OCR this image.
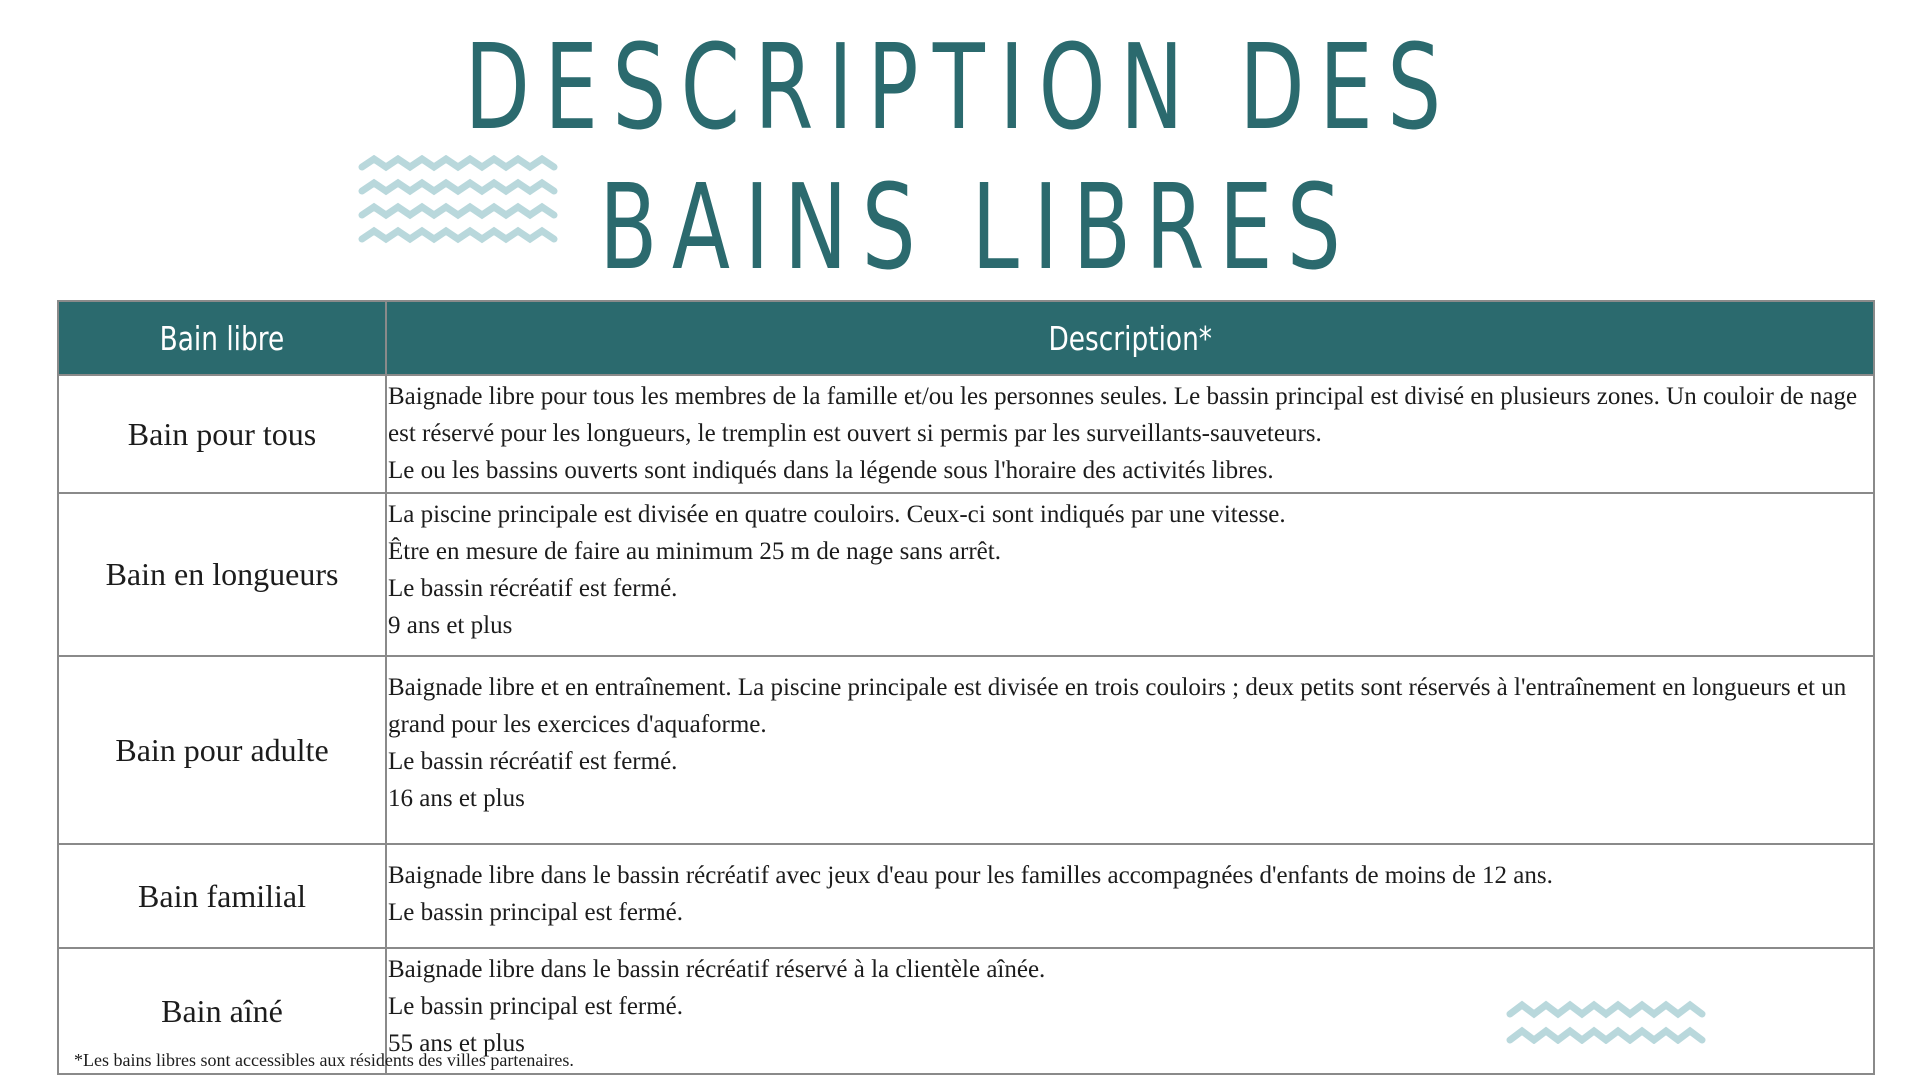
DESCRIPTION DES
BAINS LIBRES
Bain libre	Description*
Bain pour tous	Baignade libre pour tous les membres de la famille et/ou les personnes seules. Le bassin principal est divisé en plusieurs zones. Un couloir de nage est réservé pour les longueurs, le tremplin est ouvert si permis par les surveillants-sauveteurs.
Le ou les bassins ouverts sont indiqués dans la légende sous l'horaire des activités libres.

Bain en longueurs	La piscine principale est divisée en quatre couloirs. Ceux-ci sont indiqués par une vitesse.
Être en mesure de faire au minimum 25 m de nage sans arrêt.
Le bassin récréatif est fermé.
9 ans et plus

Bain pour adulte	Baignade libre et en entraînement. La piscine principale est divisée en trois couloirs ; deux petits sont réservés à l'entraînement en longueurs et un grand pour les exercices d'aquaforme.
Le bassin récréatif est fermé.
16 ans et plus

Bain familial	Baignade libre dans le bassin récréatif avec jeux d'eau pour les familles accompagnées d'enfants de moins de 12 ans.
Le bassin principal est fermé.

Bain aîné	Baignade libre dans le bassin récréatif réservé à la clientèle aînée.
Le bassin principal est fermé.
55 ans et plus
*Les bains libres sont accessibles aux résidents des villes partenaires.
